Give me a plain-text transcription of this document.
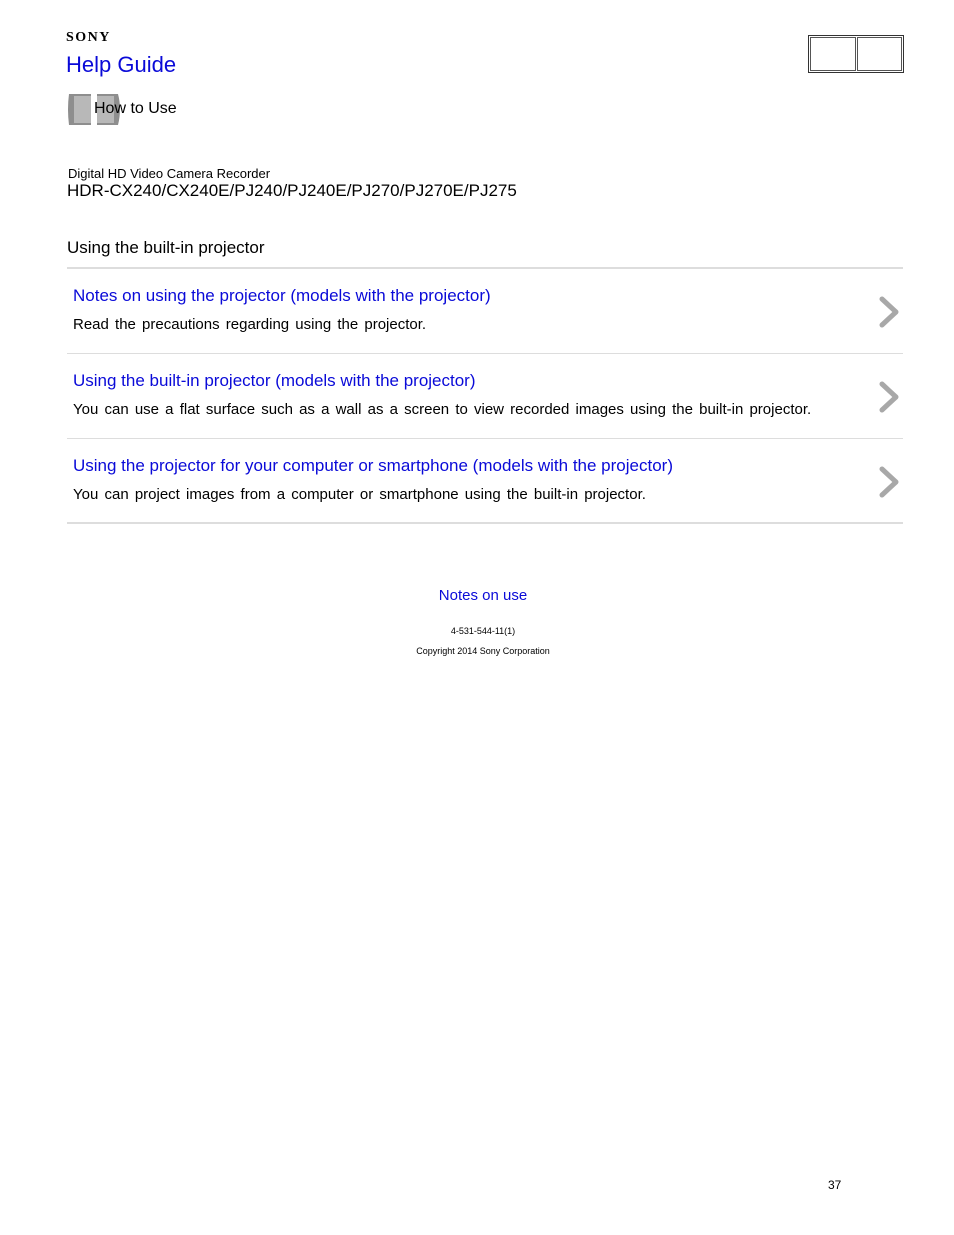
SONY
Help Guide
How to Use
Digital HD Video Camera Recorder
HDR-CX240/CX240E/PJ240/PJ240E/PJ270/PJ270E/PJ275
Using the built-in projector
Notes on using the projector (models with the projector)
Read the precautions regarding using the projector.
Using the built-in projector (models with the projector)
You can use a flat surface such as a wall as a screen to view recorded images using the built-in projector.
Using the projector for your computer or smartphone (models with the projector)
You can project images from a computer or smartphone using the built-in projector.
Notes on use
4-531-544-11(1)
Copyright 2014 Sony Corporation
37
